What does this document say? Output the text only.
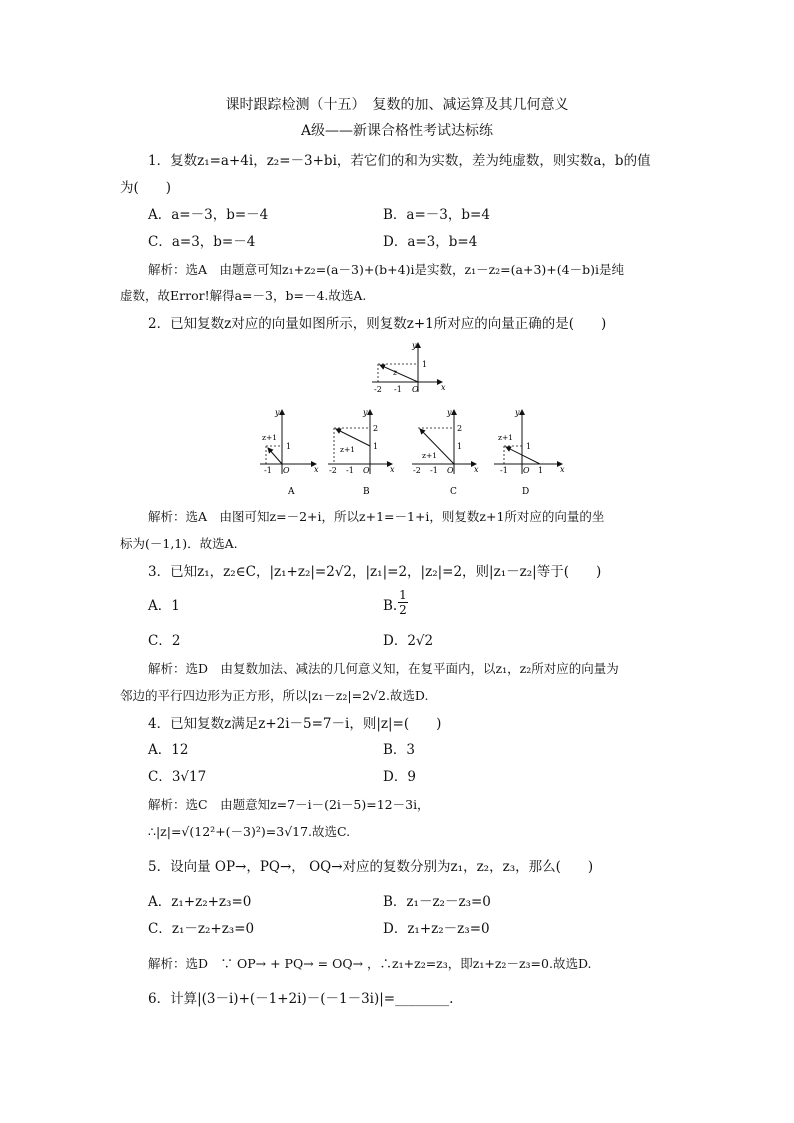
课时跟踪检测（十五）　复数的加、减运算及其几何意义
A级——新课合格性考试达标练
1．复数z₁=a+4i，z₂=－3+bi，若它们的和为实数，差为纯虚数，则实数a，b的值
为(　　)
A．a=－3，b=－4	B．a=－3，b=4
C．a=3，b=－4	D．a=3，b=4
解析：选A　由题意可知z₁+z₂=(a－3)+(b+4)i是实数，z₁－z₂=(a+3)+(4－b)i是纯
虚数，故Error!解得a=－3，b=－4.故选A.
2．已知复数z对应的向量如图所示，则复数z+1所对应的向量正确的是(　　)
y
x
1
z
-2 -1 O
y
x
1
z+1
-1 O
A
y
x
2
1
z+1
-2 -1 O
B
y
x
2
1
z+1
-2 -1 O
C
y
x
1
z+1
-1 O 1
D
解析：选A　由图可知z=－2+i，所以z+1=－1+i，则复数z+1所对应的向量的坐
标为(－1,1)．故选A.
3．已知z₁，z₂∈C，|z₁+z₂|=2√2，|z₁|=2，|z₂|=2，则|z₁－z₂|等于(　　)
A．1	B. $\frac{1}{2}$
C．2	D．2√2
解析：选D　由复数加法、减法的几何意义知，在复平面内，以z₁，z₂所对应的向量为
邻边的平行四边形为正方形，所以|z₁－z₂|=2√2.故选D.
4．已知复数z满足z+2i－5=7－i，则|z|=(　　)
A．12	B．3
C．3√17	D．9
解析：选C　由题意知z=7－i－(2i－5)=12－3i，
∴|z|=√(12²+(－3)²)=3√17.故选C.
5．设向量 OP→，PQ→， OQ→对应的复数分别为z₁，z₂，z₃，那么(　　)
A．z₁+z₂+z₃=0	B．z₁－z₂－z₃=0
C．z₁－z₂+z₃=0	D．z₁+z₂－z₃=0
解析：选D　∵ OP→ + PQ→ = OQ→ ，∴z₁+z₂=z₃，即z₁+z₂－z₃=0.故选D.
6．计算|(3－i)+(－1+2i)－(－1－3i)|=________.
